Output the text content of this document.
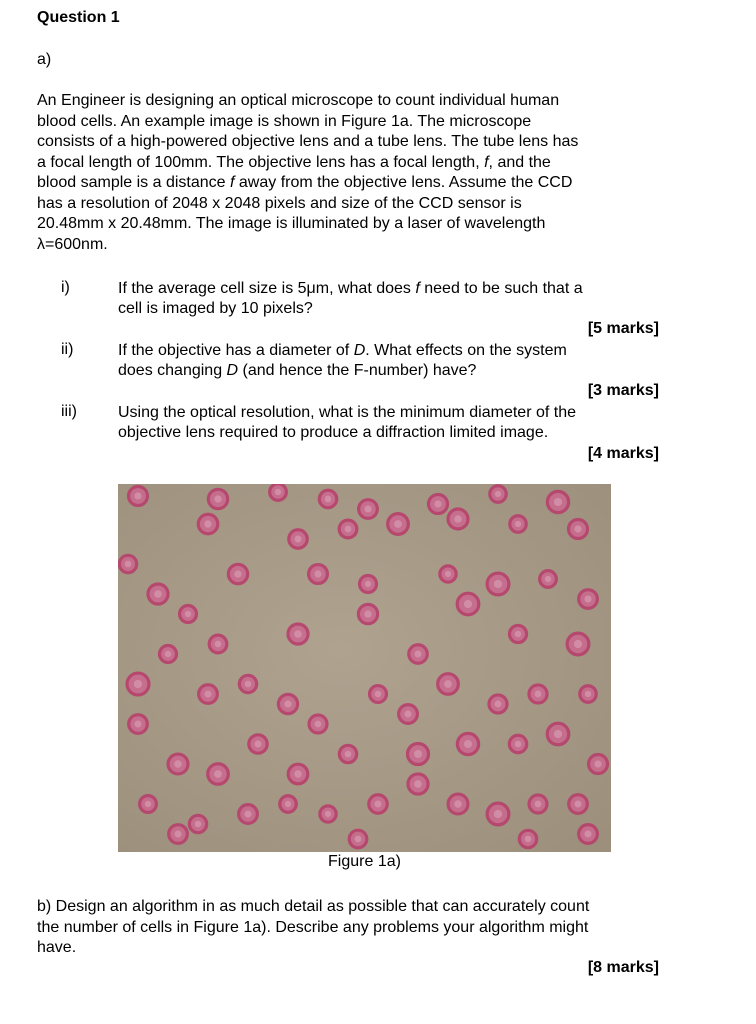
Question 1
a)

An Engineer is designing an optical microscope to count individual human

blood cells. An example image is shown in Figure 1a. The microscope

consists of a high-powered objective lens and a tube lens. The tube lens has

a focal length of 100mm. The objective lens has a focal length, f, and the

blood sample is a distance f away from the objective lens. Assume the CCD

has a resolution of 2048 x 2048 pixels and size of the CCD sensor is

20.48mm x 20.48mm. The image is illuminated by a laser of wavelength

λ=600nm.

i)	If the average cell size is 5μm, what does f need to be such that a
cell is imaged by 10 pixels?
[5 marks]
ii)	If the objective has a diameter of D. What effects on the system
does changing D (and hence the F-number) have?
[3 marks]
iii)	Using the optical resolution, what is the minimum diameter of the
objective lens required to produce a diffraction limited image.
[4 marks]
Figure 1a)

b) Design an algorithm in as much detail as possible that can accurately count

the number of cells in Figure 1a). Describe any problems your algorithm might

have.

[8 marks]
